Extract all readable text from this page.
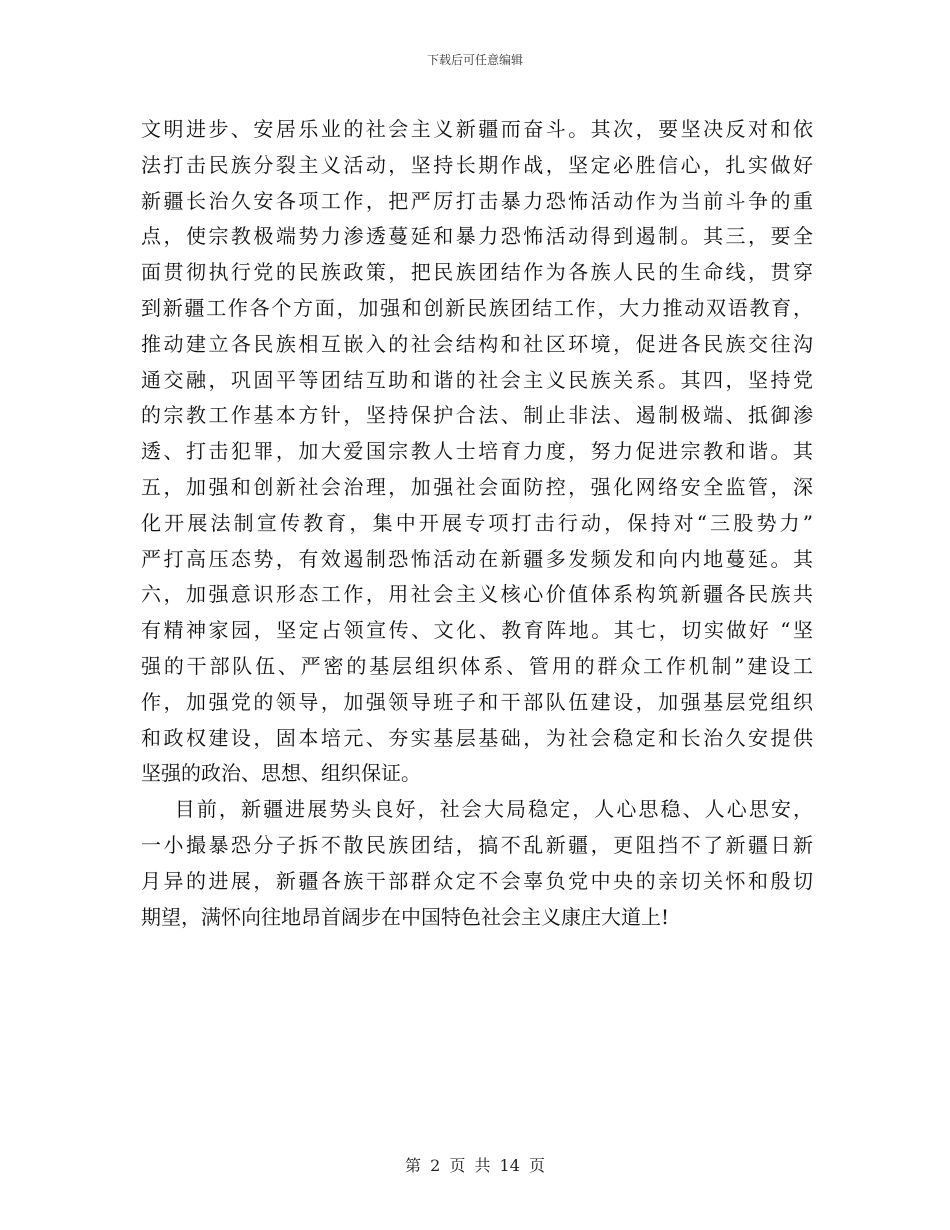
下载后可任意编辑
文明进步、安居乐业的社会主义新疆而奋斗。其次，要坚决反对和依
法打击民族分裂主义活动，坚持长期作战，坚定必胜信心，扎实做好
新疆长治久安各项工作，把严厉打击暴力恐怖活动作为当前斗争的重
点，使宗教极端势力渗透蔓延和暴力恐怖活动得到遏制。其三，要全
面贯彻执行党的民族政策，把民族团结作为各族人民的生命线，贯穿
到新疆工作各个方面，加强和创新民族团结工作，大力推动双语教育，
推动建立各民族相互嵌入的社会结构和社区环境，促进各民族交往沟
通交融，巩固平等团结互助和谐的社会主义民族关系。其四，坚持党
的宗教工作基本方针，坚持保护合法、制止非法、遏制极端、抵御渗
透、打击犯罪，加大爱国宗教人士培育力度，努力促进宗教和谐。其
五，加强和创新社会治理，加强社会面防控，强化网络安全监管，深
化开展法制宣传教育，集中开展专项打击行动，保持对“三股势力”
严打高压态势，有效遏制恐怖活动在新疆多发频发和向内地蔓延。其
六，加强意识形态工作，用社会主义核心价值体系构筑新疆各民族共
有精神家园，坚定占领宣传、文化、教育阵地。其七，切实做好 “坚
强的干部队伍、严密的基层组织体系、管用的群众工作机制”建设工
作，加强党的领导，加强领导班子和干部队伍建设，加强基层党组织
和政权建设，固本培元、夯实基层基础，为社会稳定和长治久安提供
坚强的政治、思想、组织保证。
目前，新疆进展势头良好，社会大局稳定，人心思稳、人心思安，
一小撮暴恐分子拆不散民族团结，搞不乱新疆，更阻挡不了新疆日新
月异的进展，新疆各族干部群众定不会辜负党中央的亲切关怀和殷切
期望，满怀向往地昂首阔步在中国特色社会主义康庄大道上!
第 2 页 共 14 页
